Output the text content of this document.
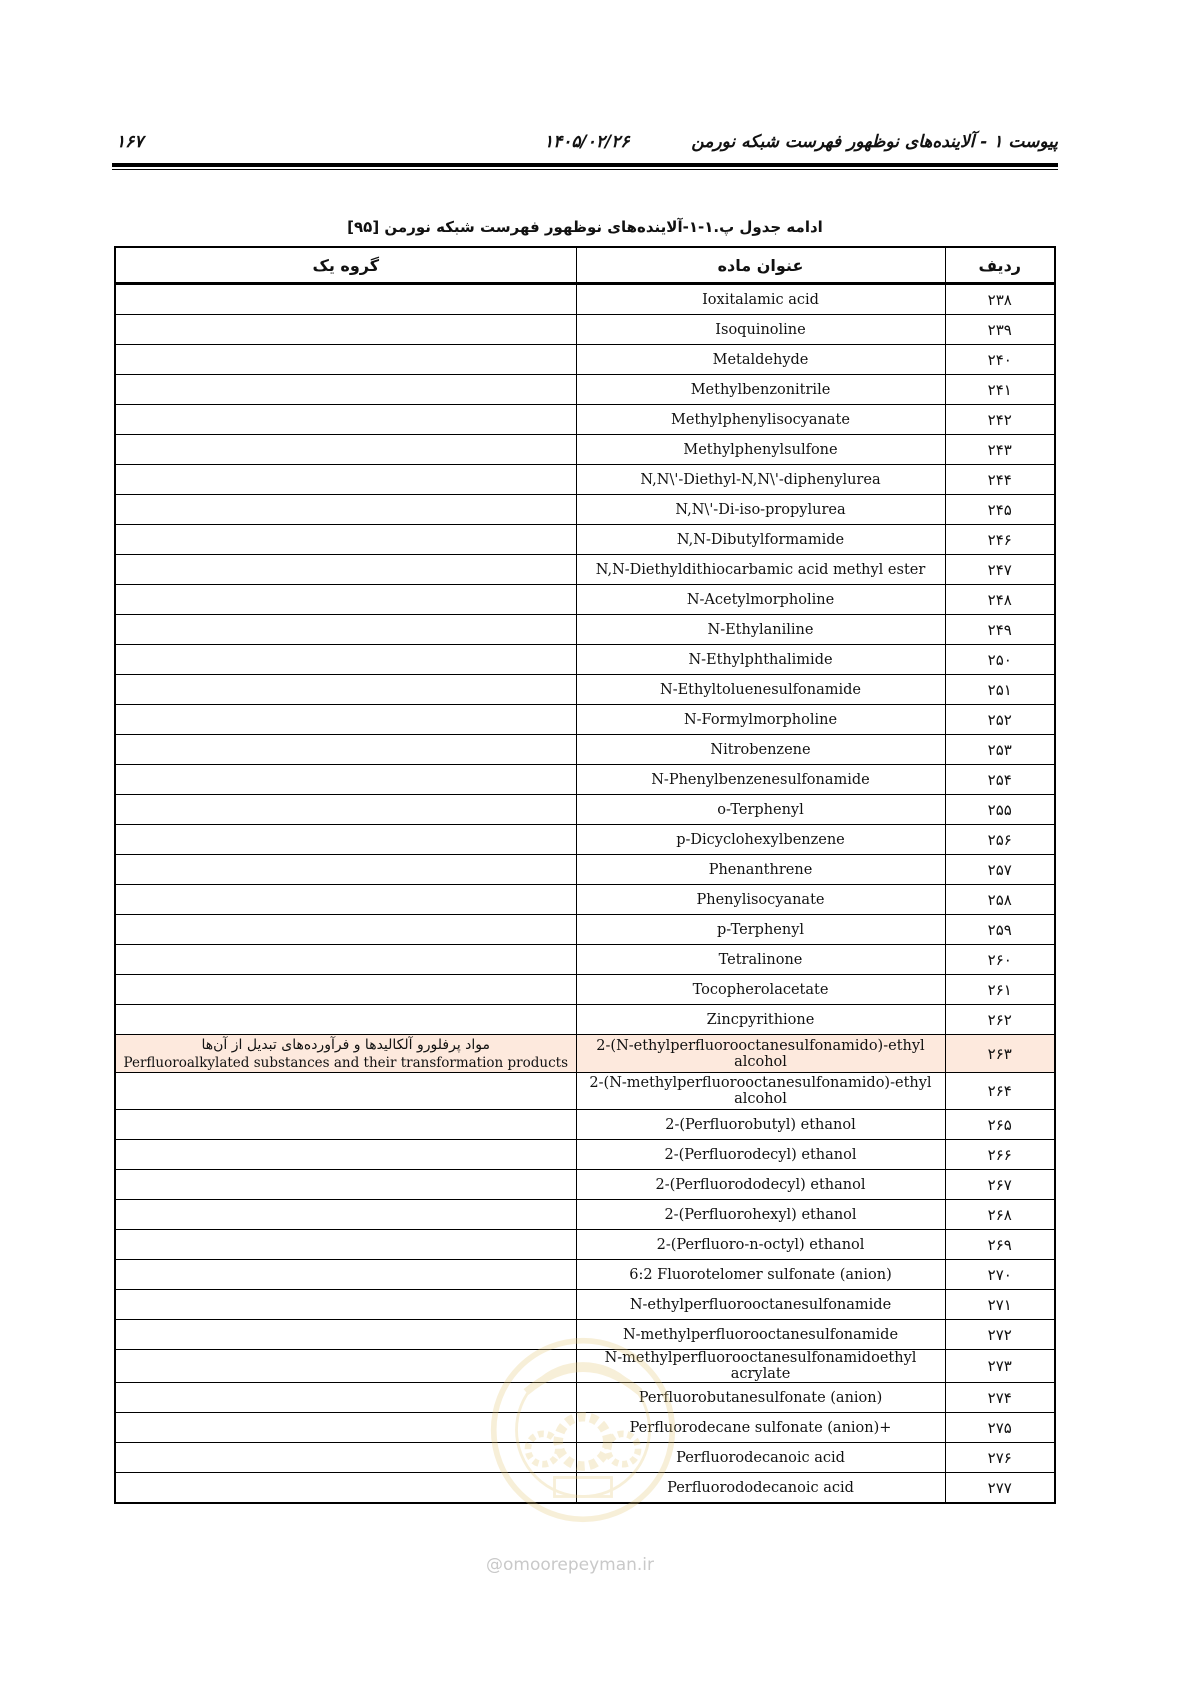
پیوست ۱ - آلاینده‌های نوظهور فهرست شبکه نورمن
۱۴۰۵/۰۲/۲۶
۱۶۷
ادامه جدول پ.۱-۱-آلاینده‌های نوظهور فهرست شبکه نورمن [۹۵]
ردیف	عنوان ماده	گروه یک
۲۳۸	Ioxitalamic acid	
۲۳۹	Isoquinoline	
۲۴۰	Metaldehyde	
۲۴۱	Methylbenzonitrile	
۲۴۲	Methylphenylisocyanate	
۲۴۳	Methylphenylsulfone	
۲۴۴	N,N\'-Diethyl-N,N\'-diphenylurea	
۲۴۵	N,N\'-Di-iso-propylurea	
۲۴۶	N,N-Dibutylformamide	
۲۴۷	N,N-Diethyldithiocarbamic acid methyl ester	
۲۴۸	N-Acetylmorpholine	
۲۴۹	N-Ethylaniline	
۲۵۰	N-Ethylphthalimide	
۲۵۱	N-Ethyltoluenesulfonamide	
۲۵۲	N-Formylmorpholine	
۲۵۳	Nitrobenzene	
۲۵۴	N-Phenylbenzenesulfonamide	
۲۵۵	o-Terphenyl	
۲۵۶	p-Dicyclohexylbenzene	
۲۵۷	Phenanthrene	
۲۵۸	Phenylisocyanate	
۲۵۹	p-Terphenyl	
۲۶۰	Tetralinone	
۲۶۱	Tocopherolacetate	
۲۶۲	Zincpyrithione	
۲۶۳	2-(N-ethylperfluorooctanesulfonamido)-ethyl alcohol	مواد پرفلورو آلکالیدها و فرآورده‌های تبدیل از آن‌ها
Perfluoroalkylated substances and their transformation products

۲۶۴	2-(N-methylperfluorooctanesulfonamido)-ethyl alcohol	
۲۶۵	2-(Perfluorobutyl) ethanol	
۲۶۶	2-(Perfluorodecyl) ethanol	
۲۶۷	2-(Perfluorododecyl) ethanol	
۲۶۸	2-(Perfluorohexyl) ethanol	
۲۶۹	2-(Perfluoro-n-octyl) ethanol	
۲۷۰	6:2 Fluorotelomer sulfonate (anion)	
۲۷۱	N-ethylperfluorooctanesulfonamide	
۲۷۲	N-methylperfluorooctanesulfonamide	
۲۷۳	N-methylperfluorooctanesulfonamidoethyl acrylate	
۲۷۴	Perfluorobutanesulfonate (anion)	
۲۷۵	Perfluorodecane sulfonate (anion)+	
۲۷۶	Perfluorodecanoic acid	
۲۷۷	Perfluorododecanoic acid	
@omoorepeyman.ir
